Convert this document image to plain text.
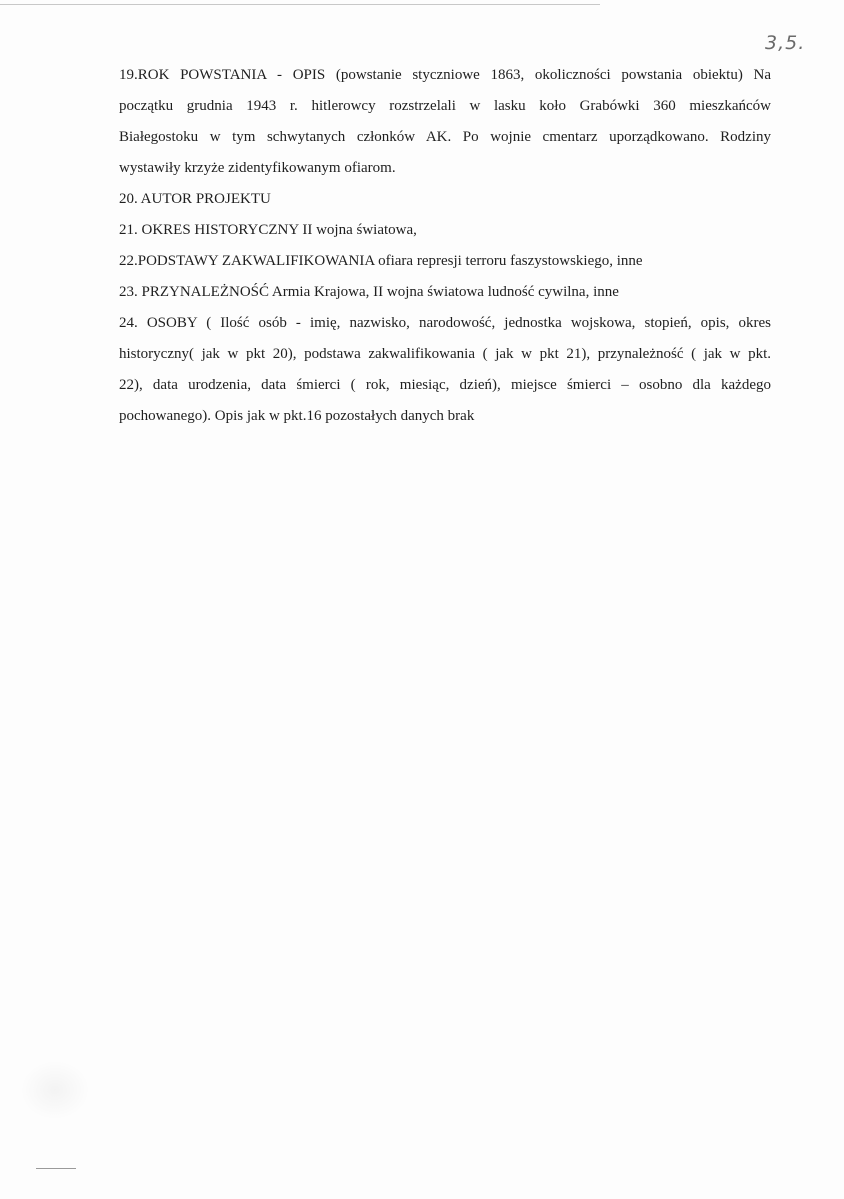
3,5.
19.ROK POWSTANIA - OPIS (powstanie styczniowe 1863, okoliczności powstania obiektu) Na
początku grudnia 1943 r. hitlerowcy rozstrzelali w lasku koło Grabówki 360 mieszkańców
Białegostoku w tym schwytanych członków AK. Po wojnie cmentarz uporządkowano. Rodziny
wystawiły krzyże zidentyfikowanym ofiarom.
20. AUTOR PROJEKTU
21. OKRES HISTORYCZNY II wojna światowa,
22.PODSTAWY ZAKWALIFIKOWANIA ofiara represji terroru faszystowskiego, inne
23. PRZYNALEŻNOŚĆ Armia Krajowa, II wojna światowa ludność cywilna, inne
24. OSOBY ( Ilość osób - imię, nazwisko, narodowość, jednostka wojskowa, stopień, opis, okres
historyczny( jak w pkt 20), podstawa zakwalifikowania ( jak w pkt 21), przynależność ( jak w pkt.
22), data urodzenia, data śmierci ( rok, miesiąc, dzień), miejsce śmierci – osobno dla każdego
pochowanego). Opis jak w pkt.16 pozostałych danych brak
